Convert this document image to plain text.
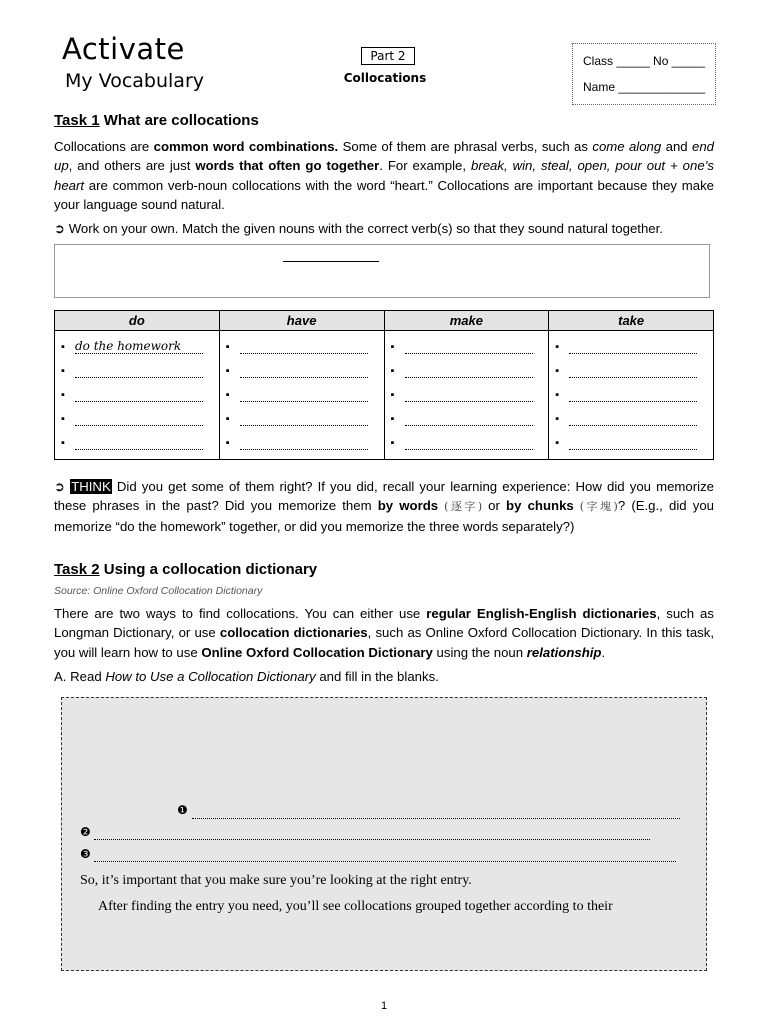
Activate
My Vocabulary
Part 2
Collocations
Class _____ No _____
Name _____________
Task 1 What are collocations
Collocations are common word combinations. Some of them are phrasal verbs, such as come along and end up, and others are just words that often go together. For example, break, win, steal, open, pour out + one’s heart are common verb-noun collocations with the word “heart.” Collocations are important because they make your language sound natural.
➲ Work on your own. Match the given nouns with the correct verb(s) so that they sound natural together.
do	have	make	take
▪ do the homework	▪	▪	▪
▪	▪	▪	▪
▪	▪	▪	▪
▪	▪	▪	▪
▪	▪	▪	▪
➲ THINK Did you get some of them right? If you did, recall your learning experience: How did you memorize these phrases in the past? Did you memorize them by words (逐字) or by chunks (字塊)? (E.g., did you memorize “do the homework” together, or did you memorize the three words separately?)
Task 2 Using a collocation dictionary
Source: Online Oxford Collocation Dictionary
There are two ways to find collocations. You can either use regular English-English dictionaries, such as Longman Dictionary, or use collocation dictionaries, such as Online Oxford Collocation Dictionary. In this task, you will learn how to use Online Oxford Collocation Dictionary using the noun relationship.
A. Read How to Use a Collocation Dictionary and fill in the blanks.
❶
❷
❸
So, it’s important that you make sure you’re looking at the right entry.
After finding the entry you need, you’ll see collocations grouped together according to their
1
